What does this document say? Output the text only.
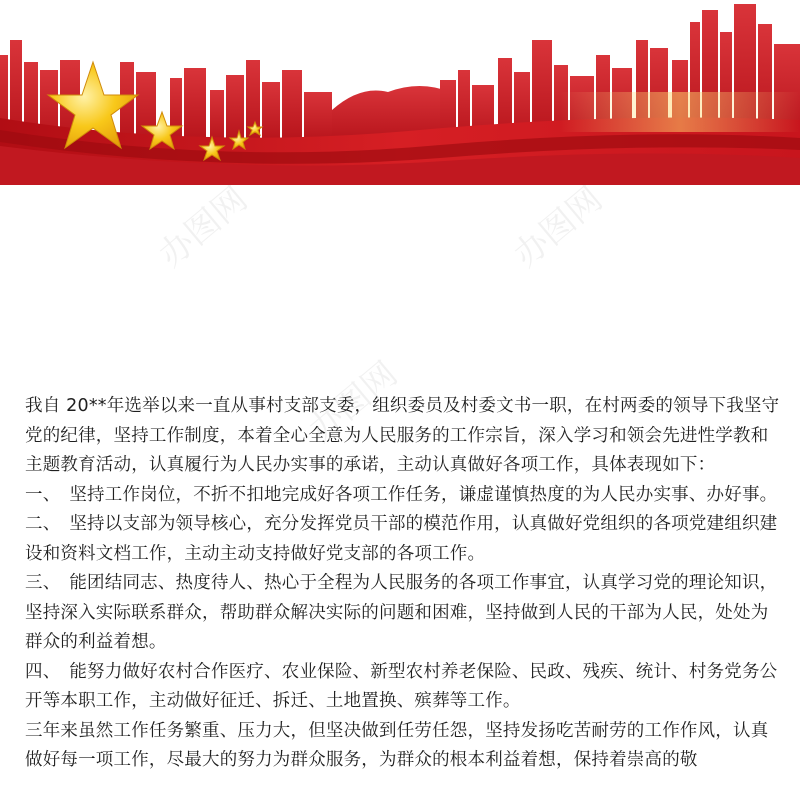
办图网	办图网
办图网

我自 20**年选举以来一直从事村支部支委，组织委员及村委文书一职，在村两委的领导下我坚守党的纪律，坚持工作制度，本着全心全意为人民服务的工作宗旨，深入学习和领会先进性学教和主题教育活动，认真履行为人民办实事的承诺，主动认真做好各项工作，具体表现如下：

一、　坚持工作岗位，不折不扣地完成好各项工作任务，谦虚谨慎热度的为人民办实事、办好事。

二、　坚持以支部为领导核心，充分发挥党员干部的模范作用，认真做好党组织的各项党建组织建设和资料文档工作，主动主动支持做好党支部的各项工作。

三、　能团结同志、热度待人、热心于全程为人民服务的各项工作事宜，认真学习党的理论知识，坚持深入实际联系群众，帮助群众解决实际的问题和困难，坚持做到人民的干部为人民，处处为群众的利益着想。

四、　能努力做好农村合作医疗、农业保险、新型农村养老保险、民政、残疾、统计、村务党务公开等本职工作，主动做好征迁、拆迁、土地置换、殡葬等工作。

三年来虽然工作任务繁重、压力大，但坚决做到任劳任怨，坚持发扬吃苦耐劳的工作作风，认真做好每一项工作，尽最大的努力为群众服务，为群众的根本利益着想，保持着崇高的敬
